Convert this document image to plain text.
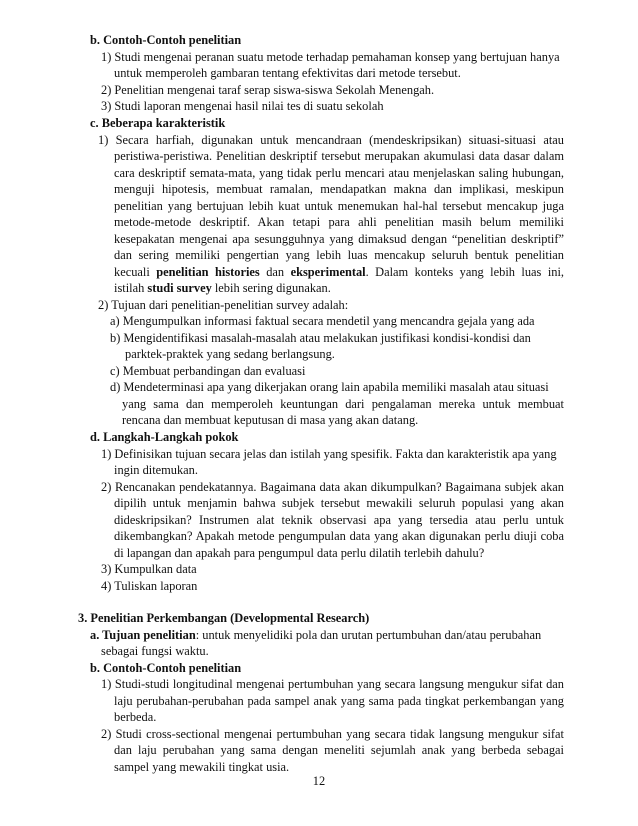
b. Contoh-Contoh penelitian
1) Studi mengenai peranan suatu metode terhadap pemahaman konsep yang bertujuan hanya
untuk memperoleh gambaran tentang efektivitas dari metode tersebut.
2) Penelitian mengenai taraf serap siswa-siswa Sekolah Menengah.
3) Studi laporan mengenai hasil nilai tes di suatu sekolah
c. Beberapa karakteristik
1) Secara harfiah, digunakan untuk mencandraan (mendeskripsikan) situasi-situasi atau
peristiwa-peristiwa. Penelitian deskriptif tersebut merupakan akumulasi data dasar dalam
cara deskriptif semata-mata, yang tidak perlu mencari atau menjelaskan saling hubungan,
menguji hipotesis, membuat ramalan, mendapatkan makna dan implikasi, meskipun
penelitian yang bertujuan lebih kuat untuk menemukan hal-hal tersebut mencakup juga
metode-metode deskriptif. Akan tetapi para ahli penelitian masih belum memiliki
kesepakatan mengenai apa sesungguhnya yang dimaksud dengan “penelitian deskriptif”
dan sering memiliki pengertian yang lebih luas mencakup seluruh bentuk penelitian
kecuali penelitian histories dan eksperimental. Dalam konteks yang lebih luas ini,
istilah studi survey lebih sering digunakan.
2) Tujuan dari penelitian-penelitian survey adalah:
a) Mengumpulkan informasi faktual secara mendetil yang mencandra gejala yang ada
b) Mengidentifikasi masalah-masalah atau melakukan justifikasi kondisi-kondisi dan
parktek-praktek yang sedang berlangsung.
c) Membuat perbandingan dan evaluasi
d) Mendeterminasi apa yang dikerjakan orang lain apabila memiliki masalah atau situasi
yang sama dan memperoleh keuntungan dari pengalaman mereka untuk membuat
rencana dan membuat keputusan di masa yang akan datang.
d. Langkah-Langkah pokok
1) Definisikan tujuan secara jelas dan istilah yang spesifik. Fakta dan karakteristik apa yang
ingin ditemukan.
2) Rencanakan pendekatannya. Bagaimana data akan dikumpulkan? Bagaimana subjek akan
dipilih untuk menjamin bahwa subjek tersebut mewakili seluruh populasi yang akan
dideskripsikan? Instrumen alat teknik observasi apa yang tersedia atau perlu untuk
dikembangkan? Apakah metode pengumpulan data yang akan digunakan perlu diuji coba
di lapangan dan apakah para pengumpul data perlu dilatih terlebih dahulu?
3) Kumpulkan data
4) Tuliskan laporan
3. Penelitian Perkembangan (Developmental Research)
a. Tujuan penelitian: untuk menyelidiki pola dan urutan pertumbuhan dan/atau perubahan
sebagai fungsi waktu.
b. Contoh-Contoh penelitian
1) Studi-studi longitudinal mengenai pertumbuhan yang secara langsung mengukur sifat dan
laju perubahan-perubahan pada sampel anak yang sama pada tingkat perkembangan yang
berbeda.
2) Studi cross-sectional mengenai pertumbuhan yang secara tidak langsung mengukur sifat
dan laju perubahan yang sama dengan meneliti sejumlah anak yang berbeda sebagai
sampel yang mewakili tingkat usia.
12
